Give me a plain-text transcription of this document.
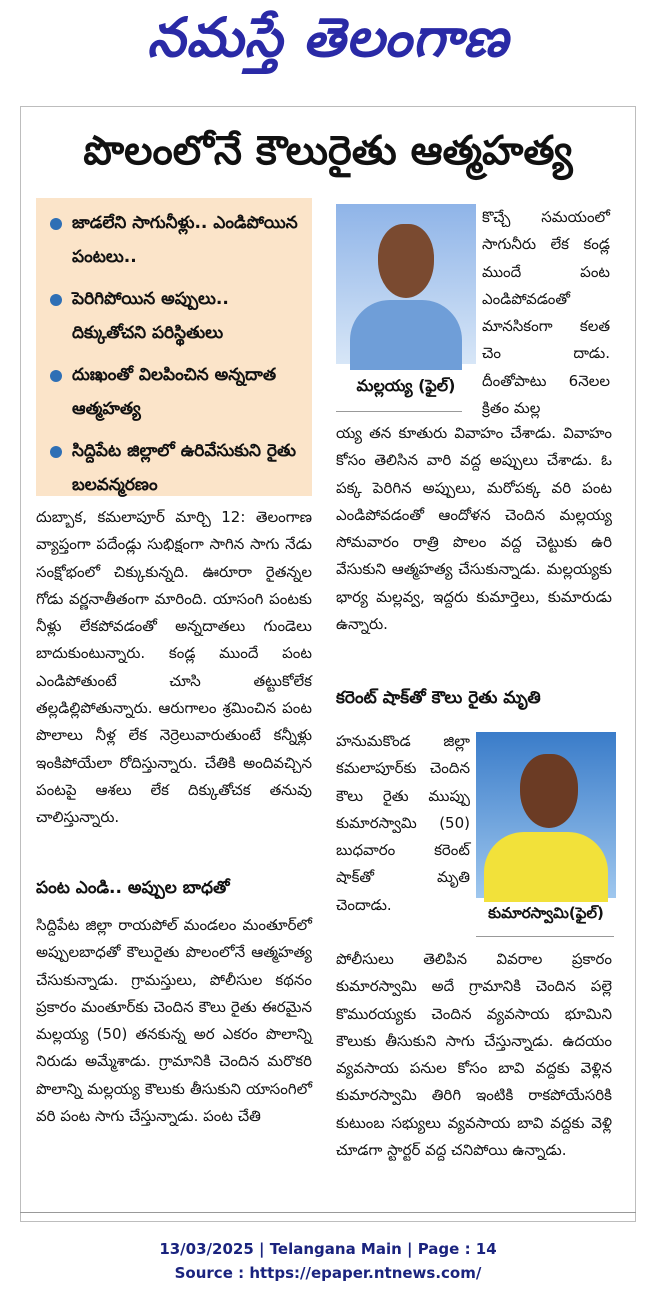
నమస్తే తెలంగాణ
పొలంలోనే కౌలురైతు ఆత్మహత్య
జాడలేని సాగునీళ్లు.. ఎండిపోయిన పంటలు..
పెరిగిపోయిన అప్పులు.. దిక్కుతోచని పరిస్థితులు
దుఃఖంతో విలపించిన అన్నదాత ఆత్మహత్య
సిద్దిపేట జిల్లాలో ఉరివేసుకుని రైతు బలవన్మరణం
మల్లయ్య (ఫైల్)

కొచ్చే సమయంలో సాగునీరు లేక కండ్ల ముందే పంట ఎండిపోవడంతో మానసికంగా కలత చెం దాడు. దీంతోపాటు 6నెలల క్రితం మల్ల

య్య తన కూతురు వివాహం చేశాడు. వివాహం కోసం తెలిసిన వారి వద్ద అప్పులు చేశాడు. ఓ పక్క పెరిగిన అప్పులు, మరోపక్క వరి పంట ఎండిపోవడంతో ఆందోళన చెందిన మల్లయ్య సోమవారం రాత్రి పొలం వద్ద చెట్టుకు ఉరి వేసుకుని ఆత్మహత్య చేసుకున్నాడు. మల్లయ్యకు భార్య మల్లవ్వ, ఇద్దరు కుమార్తెలు, కుమారుడు ఉన్నారు.

దుబ్బాక, కమలాపూర్ మార్చి 12: తెలంగాణ వ్యాప్తంగా పదేండ్లు సుభిక్షంగా సాగిన సాగు నేడు సంక్షోభంలో చిక్కుకున్నది. ఊరూరా రైతన్నల గోడు వర్ణనాతీతంగా మారింది. యాసంగి పంటకు నీళ్లు లేకపోవడంతో అన్నదాతలు గుండెలు బాదుకుంటున్నారు. కండ్ల ముందే పంట ఎండిపోతుంటే చూసి తట్టుకోలేక తల్లడిల్లిపోతున్నారు. ఆరుగాలం శ్రమించిన పంట పొలాలు నీళ్ల లేక నెర్రెలువారుతుంటే కన్నీళ్లు ఇంకిపోయేలా రోదిస్తున్నారు. చేతికి అందివచ్చిన పంటపై ఆశలు లేక దిక్కుతోచక తనువు చాలిస్తున్నారు.

పంట ఎండి.. అప్పుల బాధతో

సిద్దిపేట జిల్లా రాయపోల్ మండలం మంతూర్‌లో అప్పులబాధతో కౌలురైతు పొలంలోనే ఆత్మహత్య చేసుకున్నాడు. గ్రామస్తులు, పోలీసుల కథనం ప్రకారం మంతూర్‌కు చెందిన కౌలు రైతు ఈరమైన మల్లయ్య (50) తనకున్న అర ఎకరం పొలాన్ని నిరుడు అమ్మేశాడు. గ్రామానికి చెందిన మరొకరి పొలాన్ని మల్లయ్య కౌలుకు తీసుకుని యాసంగిలో వరి పంట సాగు చేస్తున్నాడు. పంట చేతి

కరెంట్ షాక్‌తో కౌలు రైతు మృతి

హనుమకొండ జిల్లా కమలాపూర్‌కు చెందిన కౌలు రైతు ముప్పు కుమారస్వామి (50) బుధవారం కరెంట్ షాక్‌తో మృతి చెందాడు.	కుమారస్వామి(ఫైల్)

పోలీసులు తెలిపిన వివరాల ప్రకారం కుమారస్వామి అదే గ్రామానికి చెందిన పల్లె కొమురయ్యకు చెందిన వ్యవసాయ భూమిని కౌలుకు తీసుకుని సాగు చేస్తున్నాడు. ఉదయం వ్యవసాయ పనుల కోసం బావి వద్దకు వెళ్లిన కుమారస్వామి తిరిగి ఇంటికి రాకపోయేసరికి కుటుంబ సభ్యులు వ్యవసాయ బావి వద్దకు వెళ్లి చూడగా స్టార్టర్ వద్ద చనిపోయి ఉన్నాడు.

13/03/2025 | Telangana Main | Page : 14
Source : https://epaper.ntnews.com/
